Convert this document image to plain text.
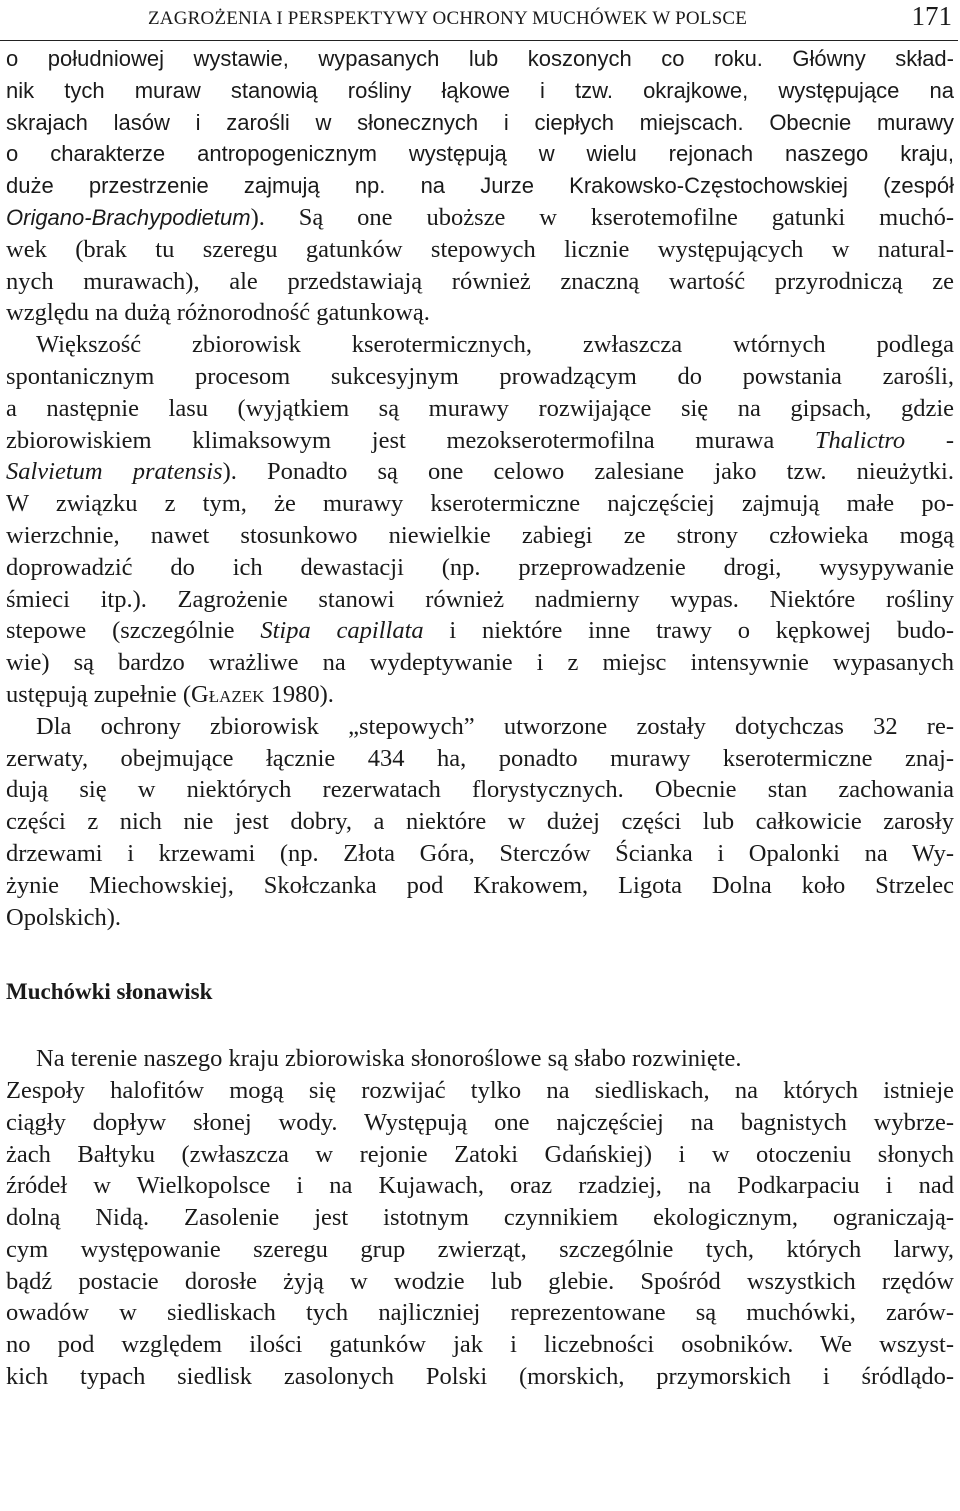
ZAGROŻENIA I PERSPEKTYWY OCHRONY MUCHÓWEK W POLSCE	171
o południowej wystawie, wypasanych lub koszonych co roku. Główny skład-
nik tych muraw stanowią rośliny łąkowe i tzw. okrajkowe, występujące na
skrajach lasów i zarośli w słonecznych i ciepłych miejscach. Obecnie murawy
o charakterze antropogenicznym występują w wielu rejonach naszego kraju,
duże przestrzenie zajmują np. na Jurze Krakowsko-Częstochowskiej (zespół
Origano-Brachypodietum). Są one uboższe w kserotemofilne gatunki muchó-
wek (brak tu szeregu gatunków stepowych licznie występujących w natural-
nych murawach), ale przedstawiają również znaczną wartość przyrodniczą ze
względu na dużą różnorodność gatunkową.
Większość zbiorowisk kserotermicznych, zwłaszcza wtórnych podlega
spontanicznym procesom sukcesyjnym prowadzącym do powstania zarośli,
a następnie lasu (wyjątkiem są murawy rozwijające się na gipsach, gdzie
zbiorowiskiem klimaksowym jest mezokserotermofilna murawa Thalictro -
Salvietum pratensis). Ponadto są one celowo zalesiane jako tzw. nieużytki.
W związku z tym, że murawy kserotermiczne najczęściej zajmują małe po-
wierzchnie, nawet stosunkowo niewielkie zabiegi ze strony człowieka mogą
doprowadzić do ich dewastacji (np. przeprowadzenie drogi, wysypywanie
śmieci itp.). Zagrożenie stanowi również nadmierny wypas. Niektóre rośliny
stepowe (szczególnie Stipa capillata i niektóre inne trawy o kępkowej budo-
wie) są bardzo wrażliwe na wydeptywanie i z miejsc intensywnie wypasanych
ustępują zupełnie (Głazek 1980).
Dla ochrony zbiorowisk „stepowych” utworzone zostały dotychczas 32 re-
zerwaty, obejmujące łącznie 434 ha, ponadto murawy kserotermiczne znaj-
dują się w niektórych rezerwatach florystycznych. Obecnie stan zachowania
części z nich nie jest dobry, a niektóre w dużej części lub całkowicie zarosły
drzewami i krzewami (np. Złota Góra, Sterczów Ścianka i Opalonki na Wy-
żynie Miechowskiej, Skołczanka pod Krakowem, Ligota Dolna koło Strzelec
Opolskich).
Muchówki słonawisk
Na terenie naszego kraju zbiorowiska słonoroślowe są słabo rozwinięte.
Zespoły halofitów mogą się rozwijać tylko na siedliskach, na których istnieje
ciągły dopływ słonej wody. Występują one najczęściej na bagnistych wybrze-
żach Bałtyku (zwłaszcza w rejonie Zatoki Gdańskiej) i w otoczeniu słonych
źródeł w Wielkopolsce i na Kujawach, oraz rzadziej, na Podkarpaciu i nad
dolną Nidą. Zasolenie jest istotnym czynnikiem ekologicznym, ograniczają-
cym występowanie szeregu grup zwierząt, szczególnie tych, których larwy,
bądź postacie dorosłe żyją w wodzie lub glebie. Spośród wszystkich rzędów
owadów w siedliskach tych najliczniej reprezentowane są muchówki, zarów-
no pod względem ilości gatunków jak i liczebności osobników. We wszyst-
kich typach siedlisk zasolonych Polski (morskich, przymorskich i śródlądo-
